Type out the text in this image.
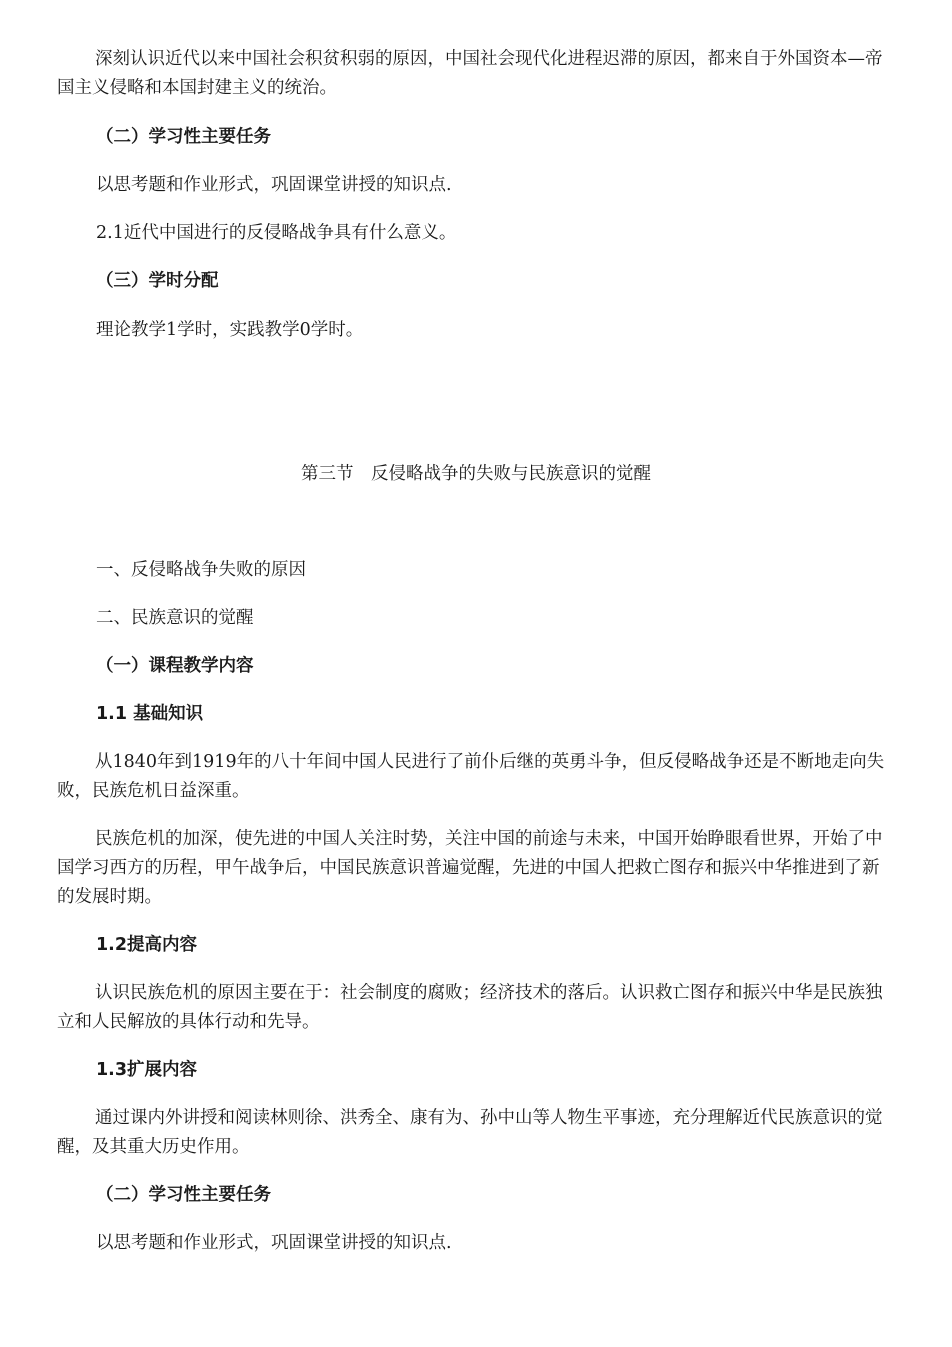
深刻认识近代以来中国社会积贫积弱的原因，中国社会现代化进程迟滞的原因，都来自于外国资本—帝国主义侵略和本国封建主义的统治。

（二）学习性主要任务

以思考题和作业形式，巩固课堂讲授的知识点.

2.1近代中国进行的反侵略战争具有什么意义。

（三）学时分配

理论教学1学时，实践教学0学时。

第三节　反侵略战争的失败与民族意识的觉醒

一、反侵略战争失败的原因

二、民族意识的觉醒

（一）课程教学内容

1.1 基础知识

从1840年到1919年的八十年间中国人民进行了前仆后继的英勇斗争，但反侵略战争还是不断地走向失败，民族危机日益深重。

民族危机的加深，使先进的中国人关注时势，关注中国的前途与未来，中国开始睁眼看世界，开始了中国学习西方的历程，甲午战争后，中国民族意识普遍觉醒，先进的中国人把救亡图存和振兴中华推进到了新的发展时期。

1.2提高内容

认识民族危机的原因主要在于：社会制度的腐败；经济技术的落后。认识救亡图存和振兴中华是民族独立和人民解放的具体行动和先导。

1.3扩展内容

通过课内外讲授和阅读林则徐、洪秀全、康有为、孙中山等人物生平事迹，充分理解近代民族意识的觉醒，及其重大历史作用。

（二）学习性主要任务

以思考题和作业形式，巩固课堂讲授的知识点.
